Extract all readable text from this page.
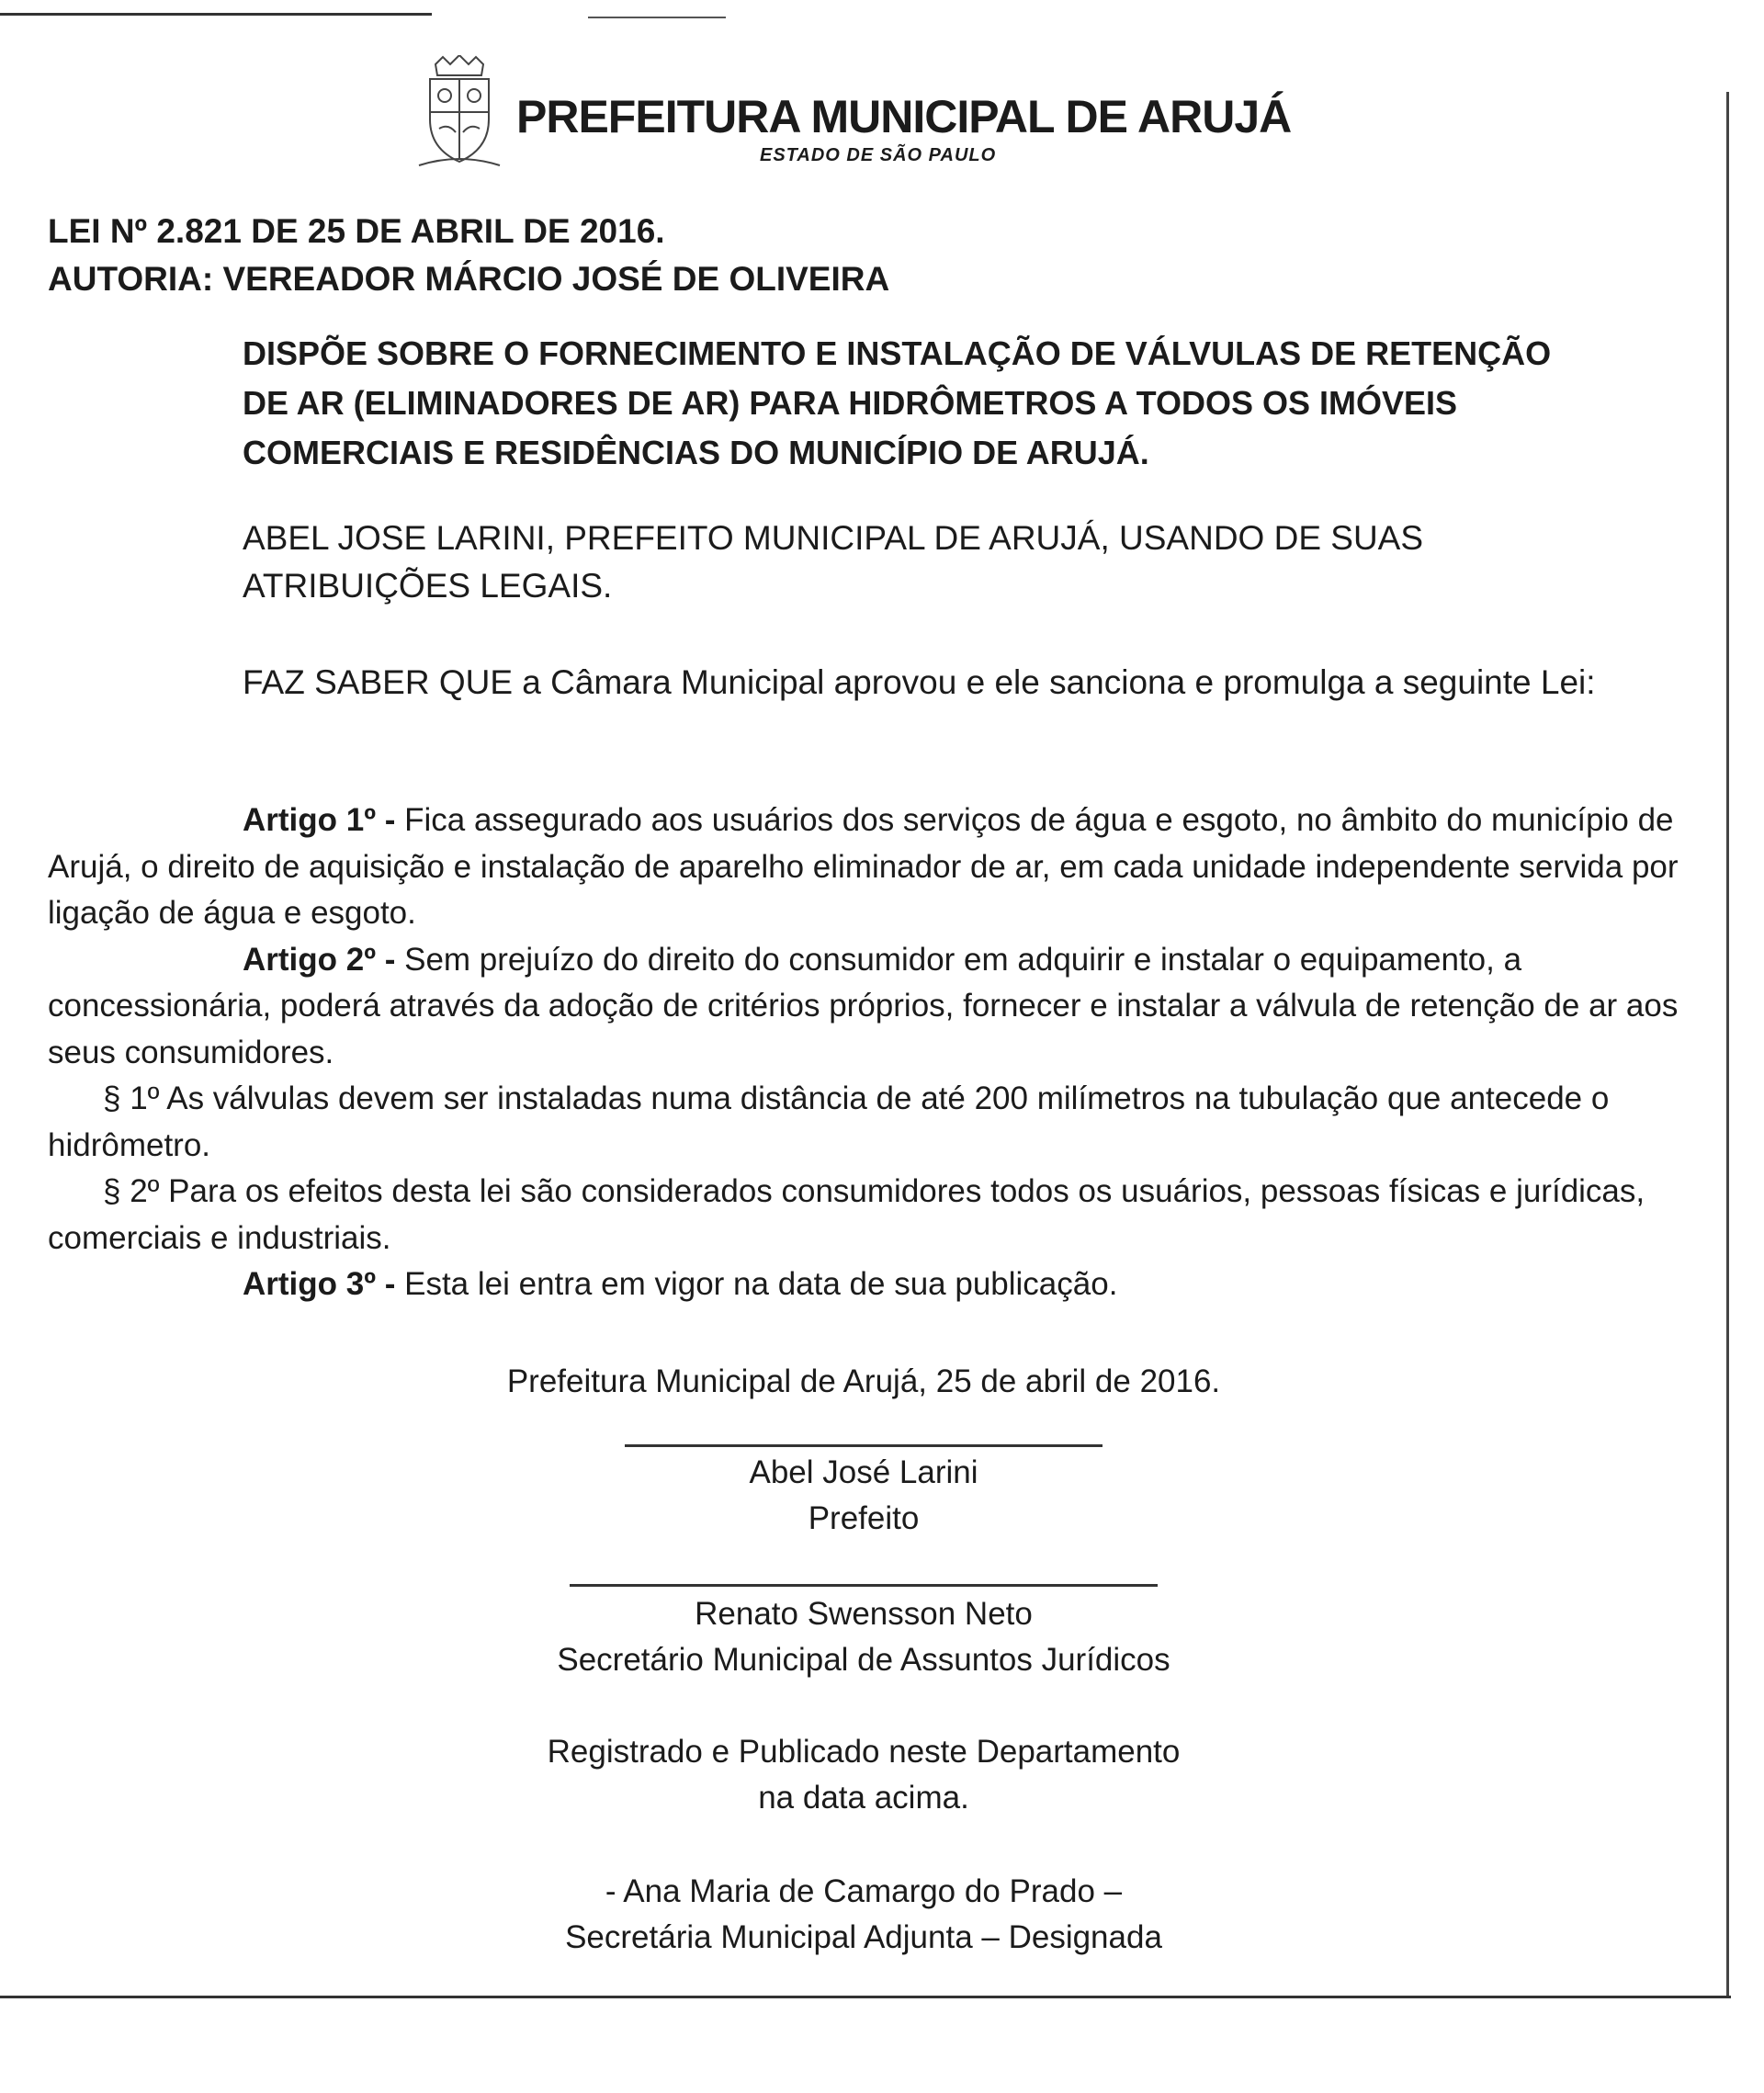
PREFEITURA MUNICIPAL DE ARUJÁ
ESTADO DE SÃO PAULO
LEI Nº 2.821 DE 25 DE ABRIL DE 2016.
AUTORIA: VEREADOR MÁRCIO JOSÉ DE OLIVEIRA
DISPÕE SOBRE O FORNECIMENTO E INSTALAÇÃO DE VÁLVULAS DE RETENÇÃO DE AR (ELIMINADORES DE AR) PARA HIDRÔMETROS A TODOS OS IMÓVEIS COMERCIAIS E RESIDÊNCIAS DO MUNICÍPIO DE ARUJÁ.
ABEL JOSE LARINI, PREFEITO MUNICIPAL DE ARUJÁ, USANDO DE SUAS ATRIBUIÇÕES LEGAIS.
FAZ SABER QUE a Câmara Municipal aprovou e ele sanciona e promulga a seguinte Lei:

Artigo 1º - Fica assegurado aos usuários dos serviços de água e esgoto, no âmbito do município de Arujá, o direito de aquisição e instalação de aparelho eliminador de ar, em cada unidade independente servida por ligação de água e esgoto.

Artigo 2º - Sem prejuízo do direito do consumidor em adquirir e instalar o equipamento, a concessionária, poderá através da adoção de critérios próprios, fornecer e instalar a válvula de retenção de ar aos seus consumidores.

§ 1º As válvulas devem ser instaladas numa distância de até 200 milímetros na tubulação que antecede o hidrômetro.

§ 2º Para os efeitos desta lei são considerados consumidores todos os usuários, pessoas físicas e jurídicas, comerciais e industriais.

Artigo 3º - Esta lei entra em vigor na data de sua publicação.

Prefeitura Municipal de Arujá, 25 de abril de 2016.
Abel José Larini
Prefeito
Renato Swensson Neto
Secretário Municipal de Assuntos Jurídicos
Registrado e Publicado neste Departamento
na data acima.
- Ana Maria de Camargo do Prado –
Secretária Municipal Adjunta – Designada
